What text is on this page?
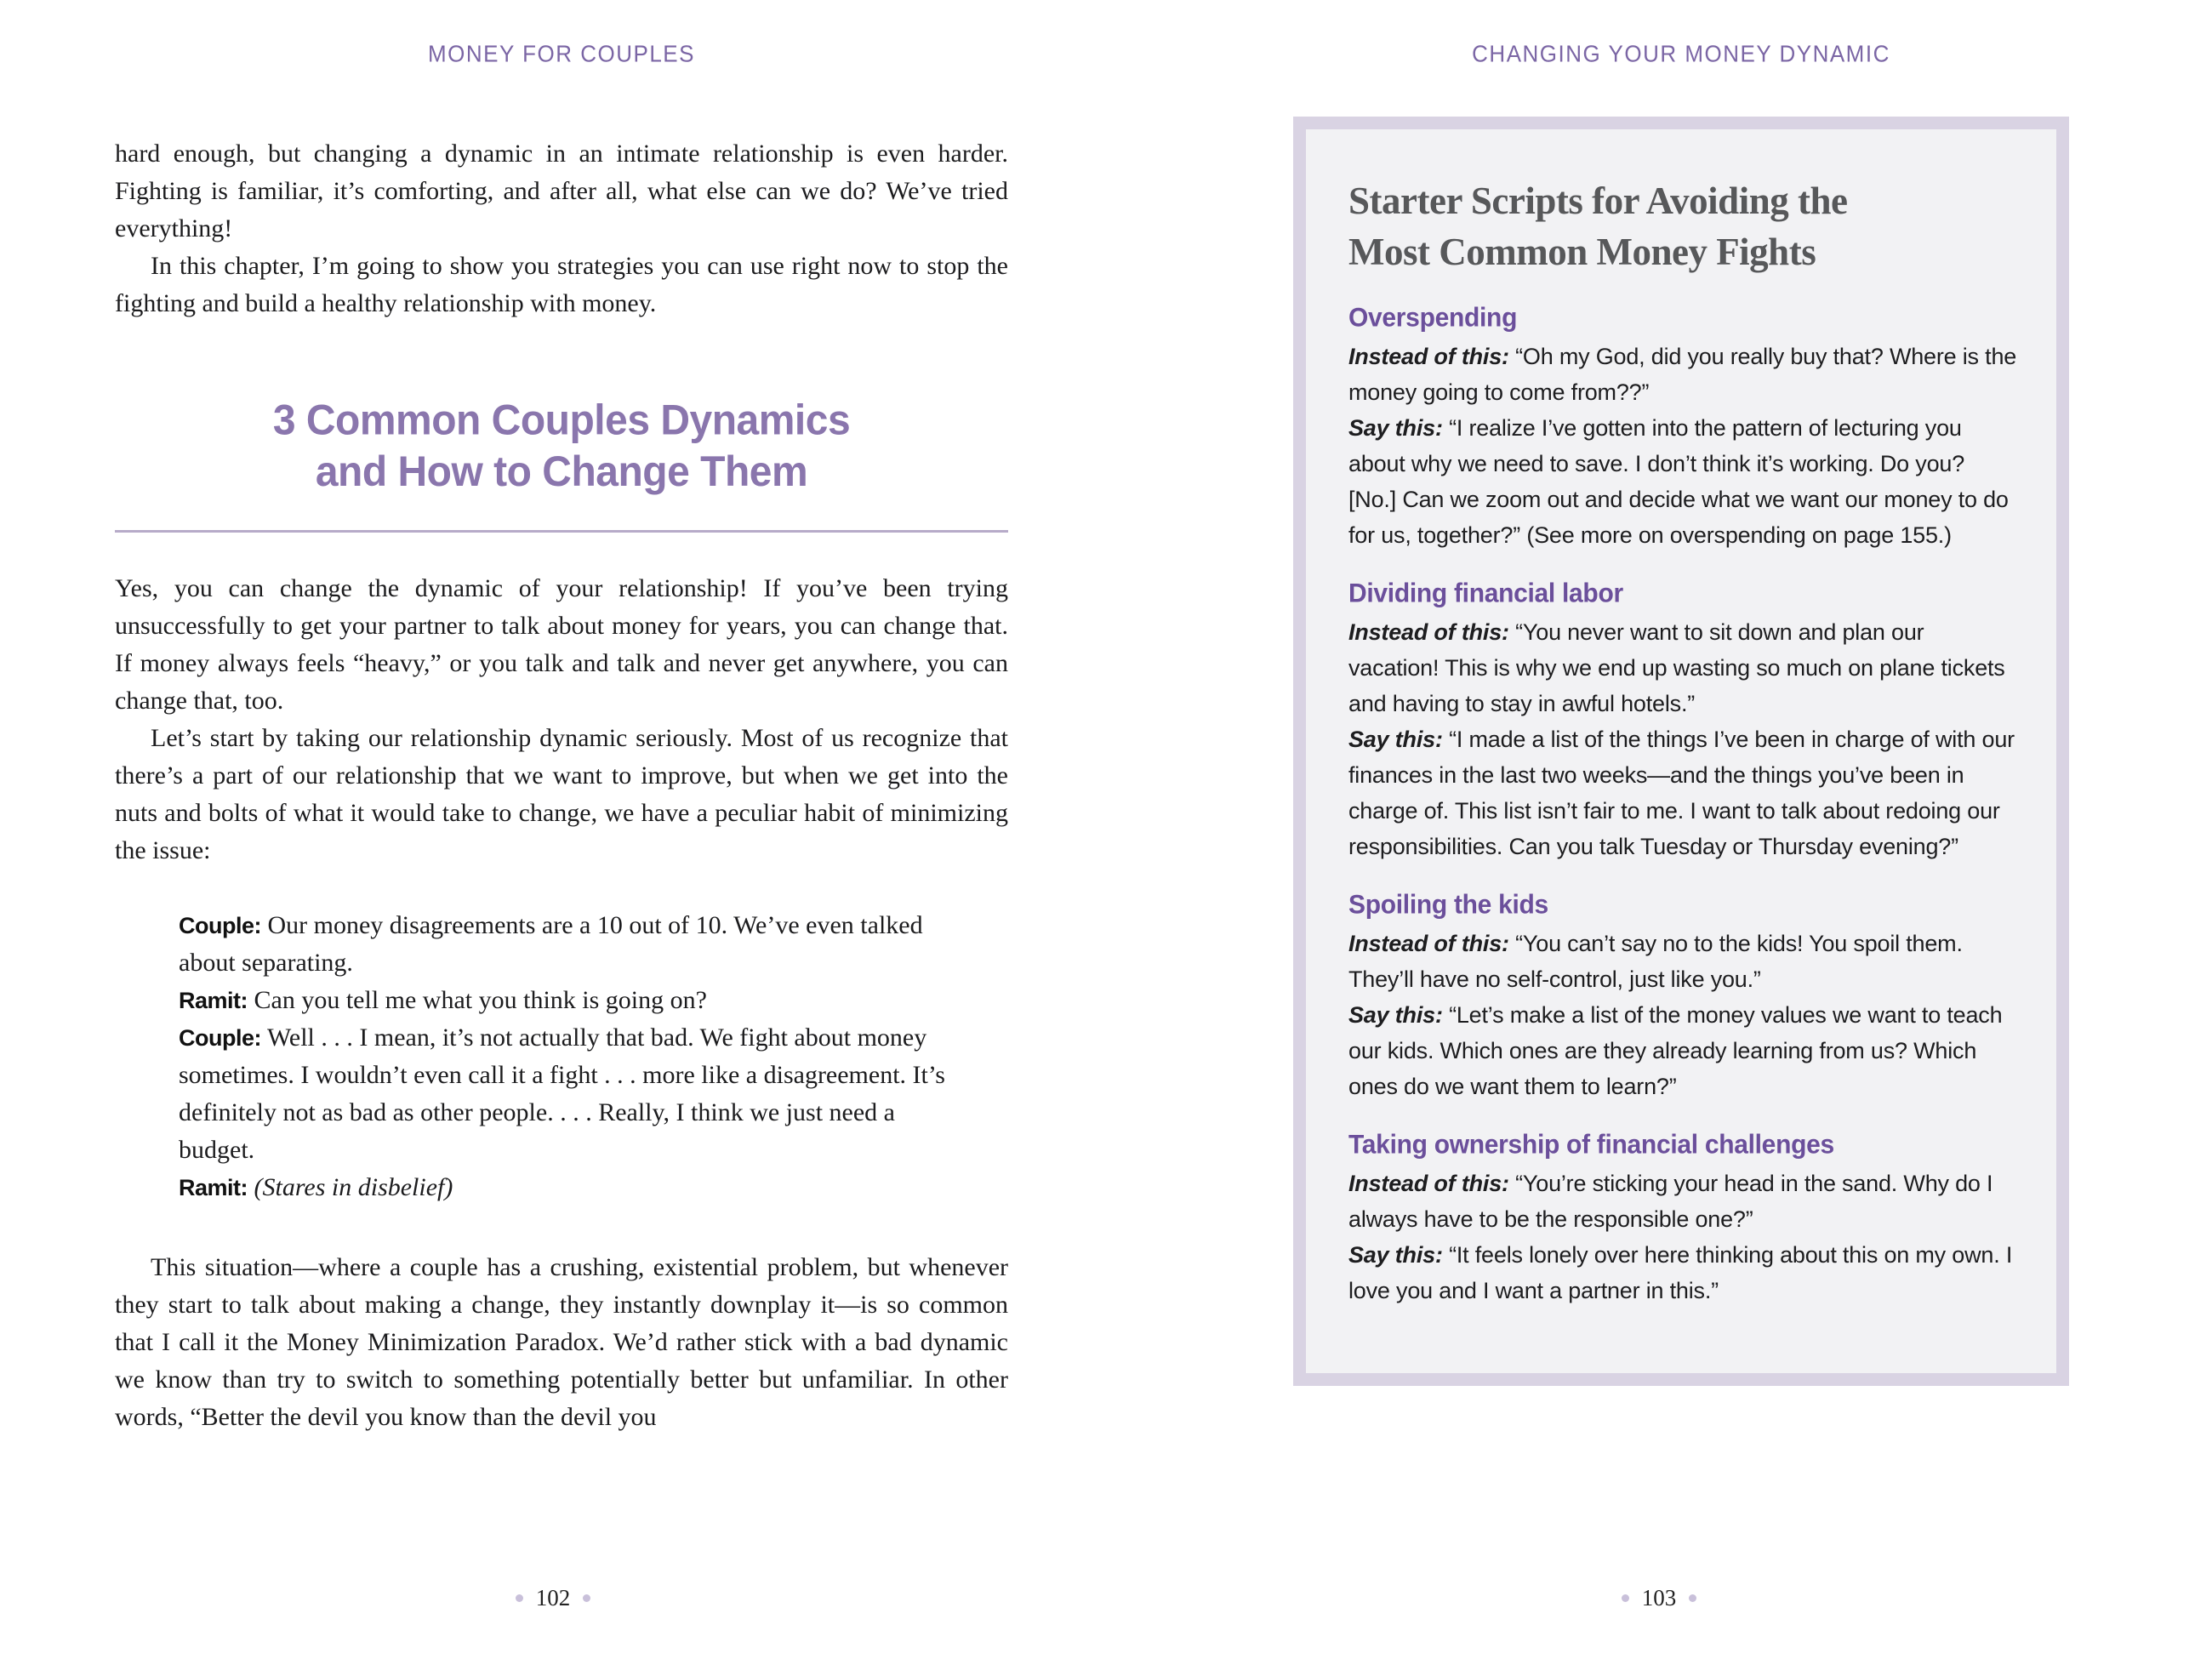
MONEY FOR COUPLES

hard enough, but changing a dynamic in an intimate relationship is even harder. Fighting is familiar, it’s comforting, and after all, what else can we do? We’ve tried everything!

In this chapter, I’m going to show you strategies you can use right now to stop the fighting and build a healthy relationship with money.

3 Common Couples Dynamics
and How to Change Them

Yes, you can change the dynamic of your relationship! If you’ve been trying unsuccessfully to get your partner to talk about money for years, you can change that. If money always feels “heavy,” or you talk and talk and never get anywhere, you can change that, too.

Let’s start by taking our relationship dynamic seriously. Most of us recognize that there’s a part of our relationship that we want to improve, but when we get into the nuts and bolts of what it would take to change, we have a peculiar habit of minimizing the issue:

Couple: Our money disagreements are a 10 out of 10. We’ve even talked about separating.

Ramit: Can you tell me what you think is going on?

Couple: Well . . . I mean, it’s not actually that bad. We fight about money sometimes. I wouldn’t even call it a fight . . . more like a disagreement. It’s definitely not as bad as other people. . . . Really, I think we just need a budget.

Ramit: (Stares in disbelief)

This situation—where a couple has a crushing, existential problem, but whenever they start to talk about making a change, they instantly downplay it—is so common that I call it the Money Minimization Paradox. We’d rather stick with a bad dynamic we know than try to switch to something potentially better but unfamiliar. In other words, “Better the devil you know than the devil you

102
CHANGING YOUR MONEY DYNAMIC
Starter Scripts for Avoiding the
Most Common Money Fights
Overspending

Instead of this: “Oh my God, did you really buy that? Where is the money going to come from??”

Say this: “I realize I’ve gotten into the pattern of lecturing you about why we need to save. I don’t think it’s working. Do you? [No.] Can we zoom out and decide what we want our money to do for us, together?” (See more on overspending on page 155.)

Dividing financial labor

Instead of this: “You never want to sit down and plan our vacation! This is why we end up wasting so much on plane tickets and having to stay in awful hotels.”

Say this: “I made a list of the things I’ve been in charge of with our finances in the last two weeks—and the things you’ve been in charge of. This list isn’t fair to me. I want to talk about redoing our responsibilities. Can you talk Tuesday or Thursday evening?”

Spoiling the kids

Instead of this: “You can’t say no to the kids! You spoil them. They’ll have no self-control, just like you.”

Say this: “Let’s make a list of the money values we want to teach our kids. Which ones are they already learning from us? Which ones do we want them to learn?”

Taking ownership of financial challenges

Instead of this: “You’re sticking your head in the sand. Why do I always have to be the responsible one?”

Say this: “It feels lonely over here thinking about this on my own. I love you and I want a partner in this.”

103
